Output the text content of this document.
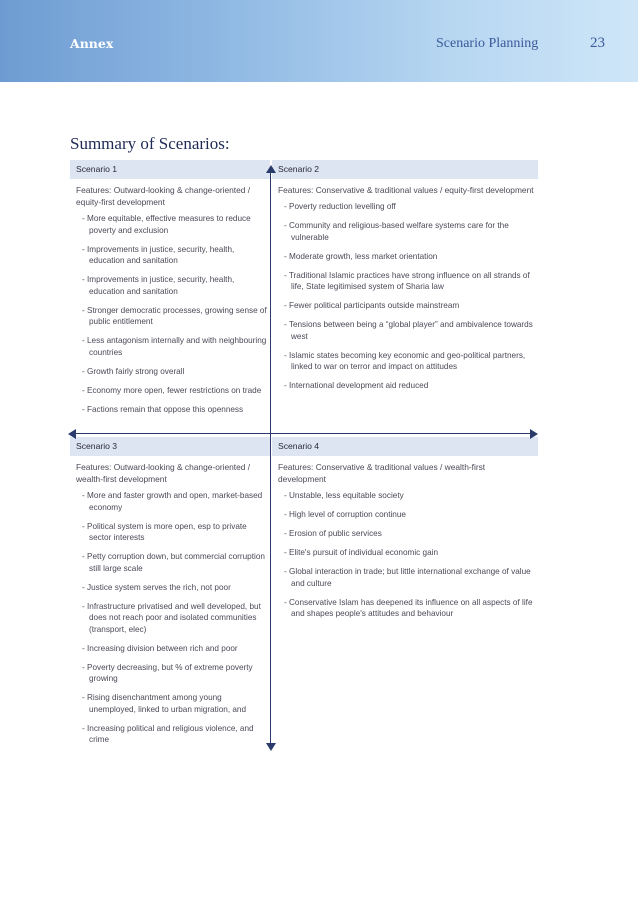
Annex	Scenario Planning	23
Summary of Scenarios:
Scenario 1
Features: Outward-looking & change-oriented / equity-first development
- More equitable, effective measures to reduce poverty and exclusion
- Improvements in justice, security, health, education and sanitation
- Improvements in justice, security, health, education and sanitation
- Stronger democratic processes, growing sense of public entitlement
- Less antagonism internally and with neighbouring countries
- Growth fairly strong overall
- Economy more open, fewer restrictions on trade
- Factions remain that oppose this openness
Scenario 2
Features: Conservative & traditional values / equity-first development
- Poverty reduction levelling off
- Community and religious-based welfare systems care for the vulnerable
- Moderate growth, less market orientation
- Traditional Islamic practices have strong influence on all strands of life, State legitimised system of Sharia law
- Fewer political participants outside mainstream
- Tensions between being a “global player” and ambivalence towards west
- Islamic states becoming key economic and geo-political partners, linked to war on terror and impact on attitudes
- International development aid reduced
Scenario 3
Features: Outward-looking & change-oriented / wealth-first development
- More and faster growth and open, market-based economy
- Political system is more open, esp to private sector interests
- Petty corruption down, but commercial corruption still large scale
- Justice system serves the rich, not poor
- Infrastructure privatised and well developed, but does not reach poor and isolated communities (transport, elec)
- Increasing division between rich and poor
- Poverty decreasing, but % of extreme poverty growing
- Rising disenchantment among young unemployed, linked to urban migration, and
- Increasing political and religious violence, and crime
Scenario 4
Features: Conservative & traditional values / wealth-first development
- Unstable, less equitable society
- High level of corruption continue
- Erosion of public services
- Elite's pursuit of individual economic gain
- Global interaction in trade; but little international exchange of value and culture
- Conservative Islam has deepened its influence on all aspects of life and shapes people's attitudes and behaviour
